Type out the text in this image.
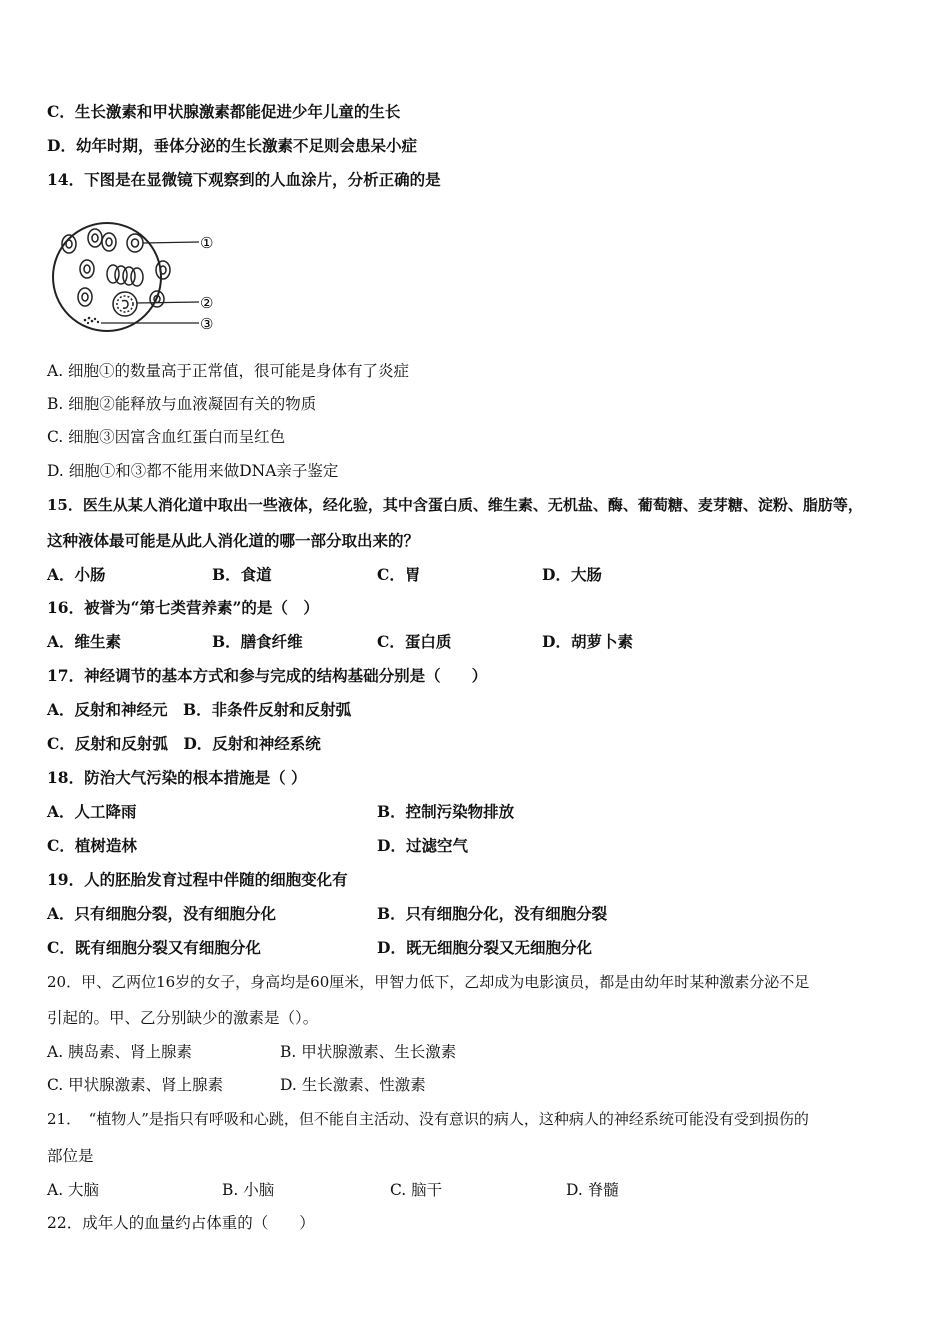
C．生长激素和甲状腺激素都能促进少年儿童的生长
D．幼年时期，垂体分泌的生长激素不足则会患呆小症
14．下图是在显微镜下观察到的人血涂片，分析正确的是
①
②
③
A. 细胞①的数量高于正常值，很可能是身体有了炎症
B. 细胞②能释放与血液凝固有关的物质
C. 细胞③因富含血红蛋白而呈红色
D. 细胞①和③都不能用来做DNA亲子鉴定
15．医生从某人消化道中取出一些液体，经化验，其中含蛋白质、维生素、无机盐、酶、葡萄糖、麦芽糖、淀粉、脂肪等，
这种液体最可能是从此人消化道的哪一部分取出来的？
A．小肠	B．食道	C．胃	D．大肠
16．被誉为“第七类营养素”的是（　）
A．维生素	B．膳食纤维	C．蛋白质	D．胡萝卜素
17．神经调节的基本方式和参与完成的结构基础分别是（　　）
A．反射和神经元　B．非条件反射和反射弧
C．反射和反射弧　D．反射和神经系统
18．防治大气污染的根本措施是（ ）
A．人工降雨	B．控制污染物排放
C．植树造林	D．过滤空气
19．人的胚胎发育过程中伴随的细胞变化有
A．只有细胞分裂，没有细胞分化	B．只有细胞分化，没有细胞分裂
C．既有细胞分裂又有细胞分化	D．既无细胞分裂又无细胞分化
20．甲、乙两位16岁的女子，身高均是60厘米，甲智力低下，乙却成为电影演员，都是由幼年时某种激素分泌不足
引起的。甲、乙分别缺少的激素是（）。
A. 胰岛素、肾上腺素	B. 甲状腺激素、生长激素
C. 甲状腺激素、肾上腺素	D. 生长激素、性激素
21．　“植物人”是指只有呼吸和心跳，但不能自主活动、没有意识的病人，这种病人的神经系统可能没有受到损伤的
部位是
A. 大脑	B. 小脑	C. 脑干	D. 脊髓
22．成年人的血量约占体重的（　　）
